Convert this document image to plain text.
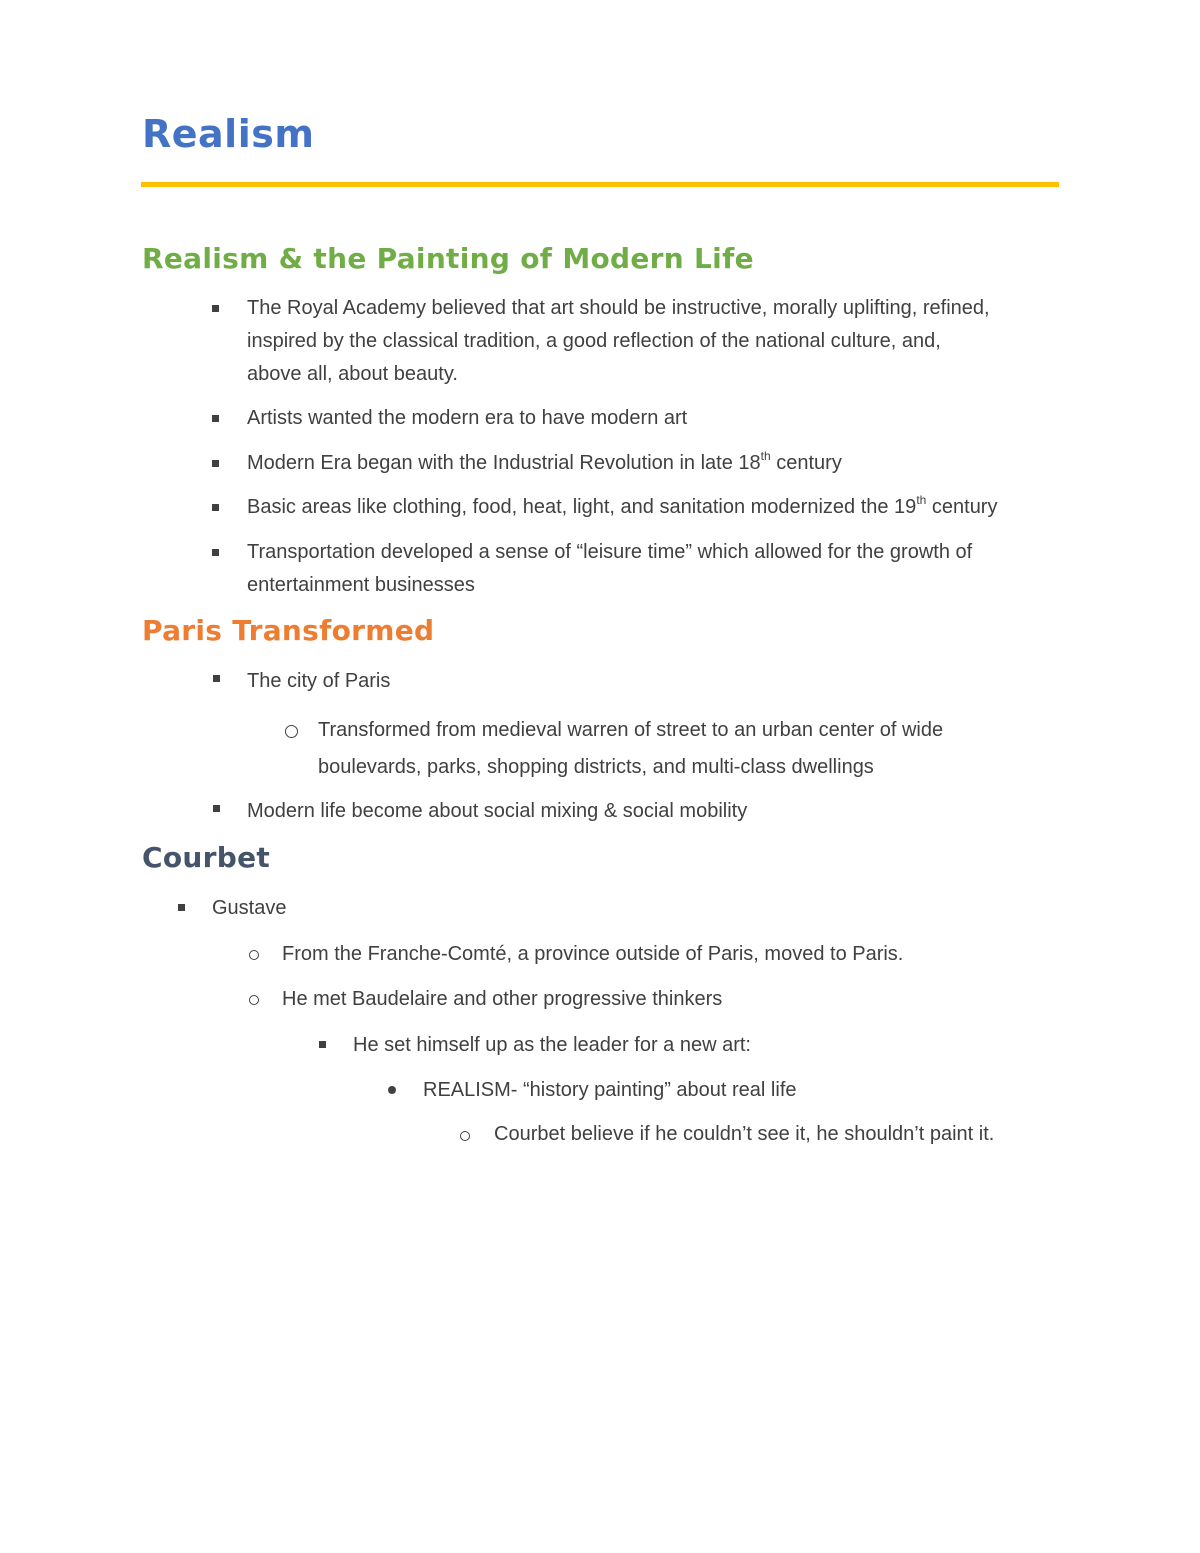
Realism
Realism & the Painting of Modern Life

The Royal Academy believed that art should be instructive, morally uplifting, refined,

inspired by the classical tradition, a good reflection of the national culture, and,

above all, about beauty.

Artists wanted the modern era to have modern art

Modern Era began with the Industrial Revolution in late 18th century

Basic areas like clothing, food, heat, light, and sanitation modernized the 19th century

Transportation developed a sense of “leisure time” which allowed for the growth of

entertainment businesses

Paris Transformed

The city of Paris

Transformed from medieval warren of street to an urban center of wide

boulevards, parks, shopping districts, and multi-class dwellings

Modern life become about social mixing & social mobility

Courbet

Gustave

From the Franche-Comté, a province outside of Paris, moved to Paris.

He met Baudelaire and other progressive thinkers

He set himself up as the leader for a new art:

REALISM- “history painting” about real life

Courbet believe if he couldn’t see it, he shouldn’t paint it.
